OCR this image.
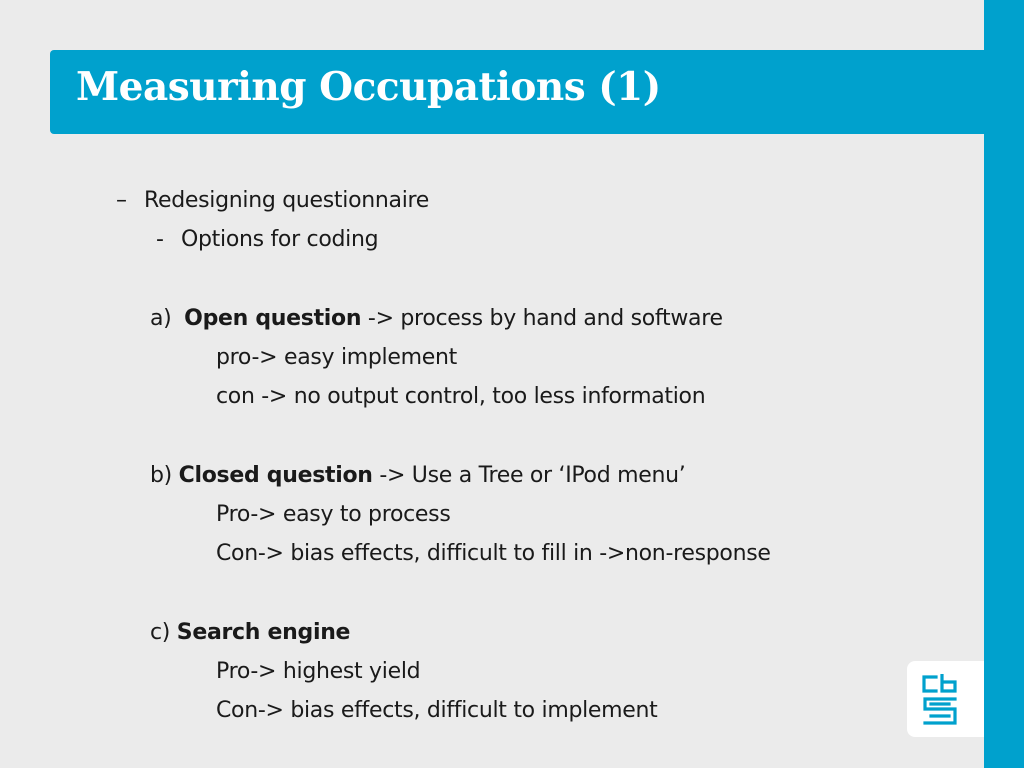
Measuring Occupations (1)
– Redesigning questionnaire
- Options for coding
a) Open question -> process by hand and software
pro-> easy implement
con -> no output control, too less information
b) Closed question -> Use a Tree or ‘IPod menu’
Pro-> easy to process
Con-> bias effects, difficult to fill in ->non-response
c) Search engine
Pro-> highest yield
Con-> bias effects, difficult to implement
